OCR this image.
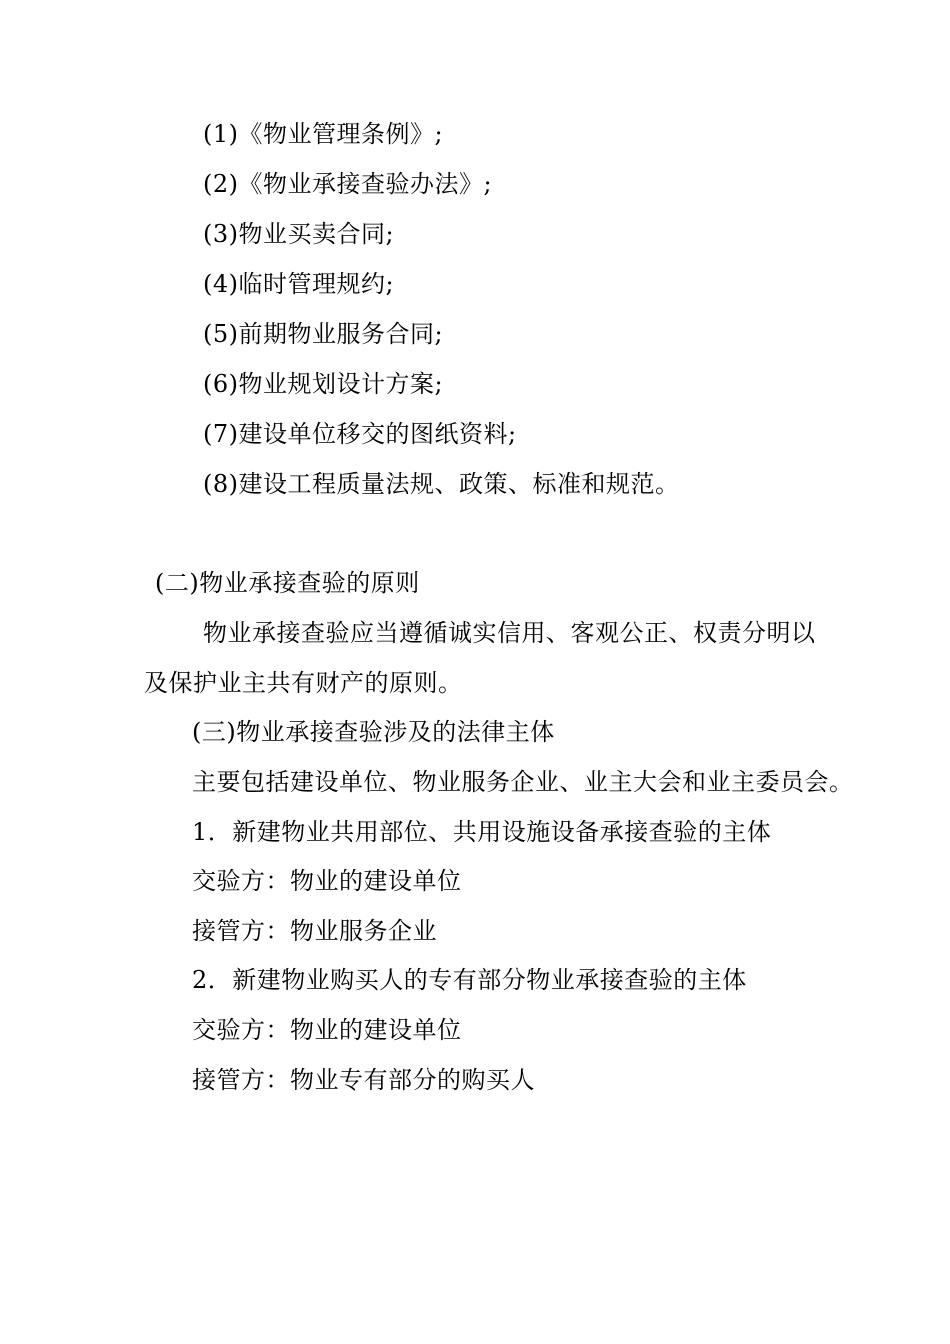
(1)《物业管理条例》;
(2)《物业承接查验办法》;
(3)物业买卖合同;
(4)临时管理规约;
(5)前期物业服务合同;
(6)物业规划设计方案;
(7)建设单位移交的图纸资料;
(8)建设工程质量法规、政策、标准和规范。
(二)物业承接查验的原则
物业承接查验应当遵循诚实信用、客观公正、权责分明以
及保护业主共有财产的原则。
(三)物业承接查验涉及的法律主体
主要包括建设单位、物业服务企业、业主大会和业主委员会。
1．新建物业共用部位、共用设施设备承接查验的主体
交验方：物业的建设单位
接管方：物业服务企业
2．新建物业购买人的专有部分物业承接查验的主体
交验方：物业的建设单位
接管方：物业专有部分的购买人
